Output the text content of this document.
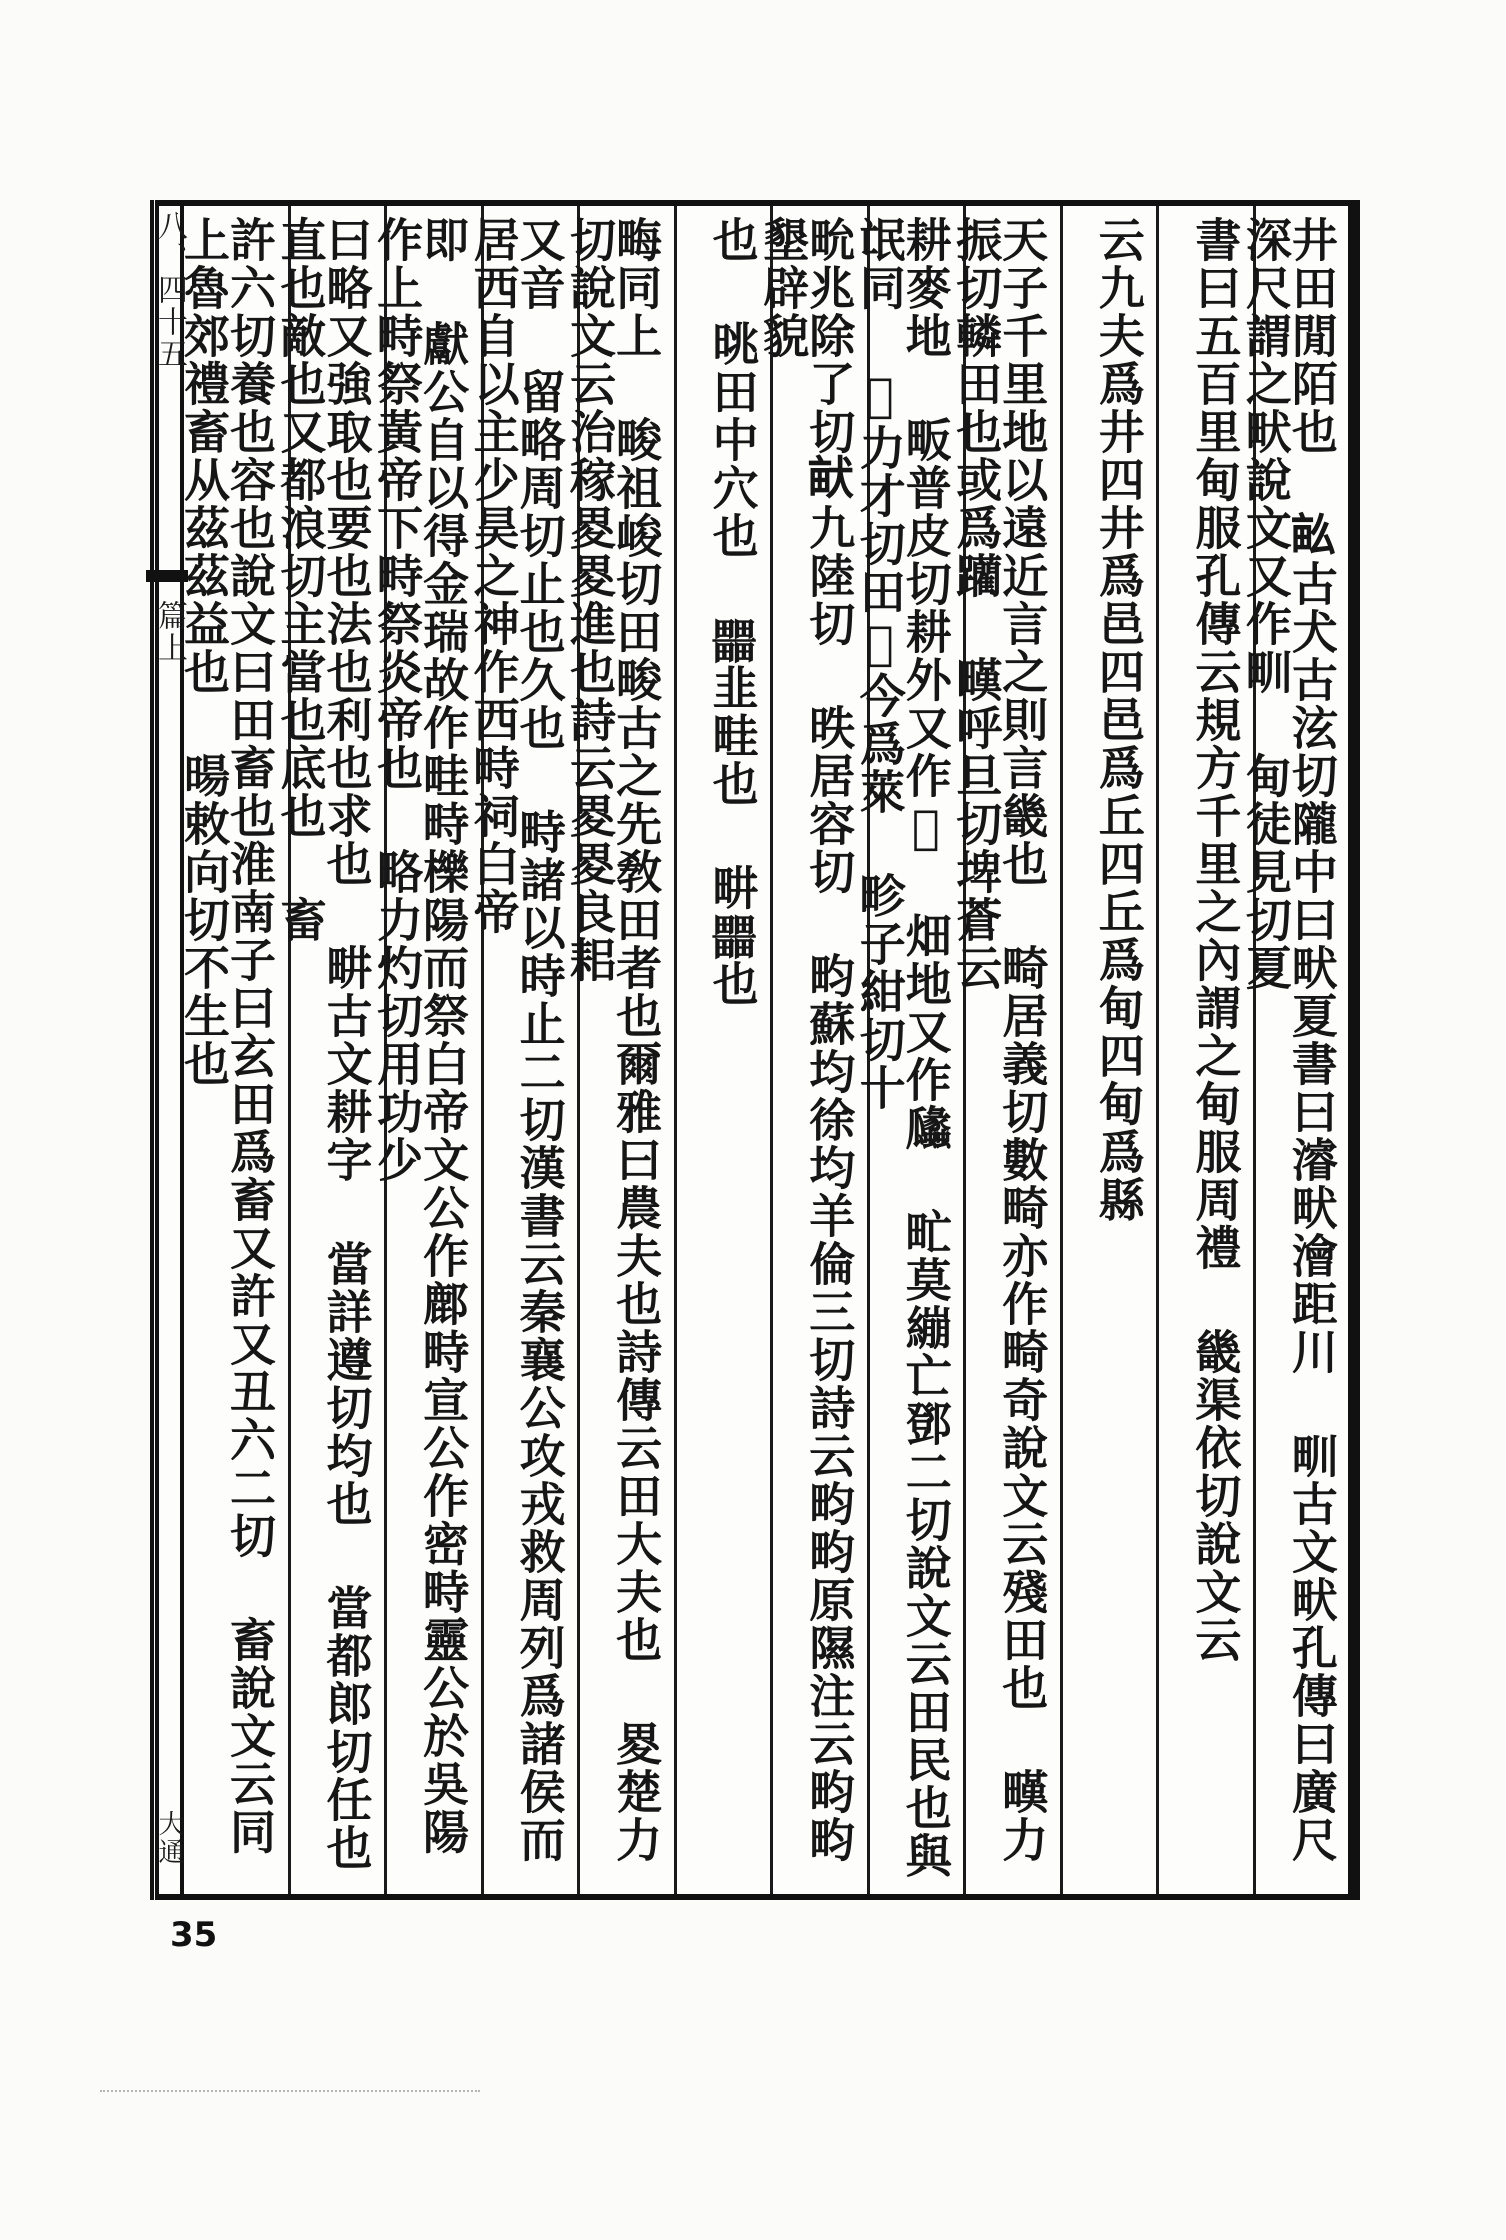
八、四十五
篇上
大通	井田閒陌也 𤱔古犬古泫切隴中曰畎夏書曰濬畎澮距川 甽古文畎孔傳曰廣尺深尺謂之畎說文又作甽 甸徒見切夏
書曰五百里甸服孔傳云規方千里之內謂之甸服周禮 畿渠依切說文云
云九夫爲井四井爲邑四邑爲丘四丘爲甸四甸爲縣
天子千里地以遠近言之則言畿也 畸居義切數畸亦作畸奇說文云殘田也 𤳉力振切轔田也或爲躪 𤳉呼旦切埤蒼云
耕麥地 畈普皮切耕外又作𤲱 畑地又作㼖 甿莫繃亡鄧二切說文云田民也與氓同 𤳪力才切田𤳪今爲萊 畛子紺切十
㽙兆除了切𤱶九陸切 昳居容切 畇蘇均徐均羊倫三切詩云畇畇原隰注云畇畇墾辟貌
也 晀田中穴也 𤳹韭畦也 畊𤳹也
畮同上 畯祖峻切田畯古之先敎田者也爾雅曰農夫也詩傳云田大夫也 畟楚力切說文云治稼畟畟進也詩云畟畟良耜
又音 留略周切止也久也 畤諸以時止二切漢書云秦襄公攻戎救周列爲諸侯而居西自以主少昊之神作西畤祠白帝
即 獻公自以得金瑞故作畦畤櫟陽而祭白帝文公作鄜畤宣公作密畤靈公於吳陽作上畤祭黃帝下畤祭炎帝也 略力灼切用功少
曰略又強取也要也法也利也求也 畊古文耕字 當詳遵切均也 當都郎切任也直也敵也又都浪切主當也底也 畜
許六切養也容也說文曰田畜也淮南子曰玄田爲畜又許又丑六二切 畜說文云同上魯郊禮畜从茲茲益也 暘敕向切不生也
35
